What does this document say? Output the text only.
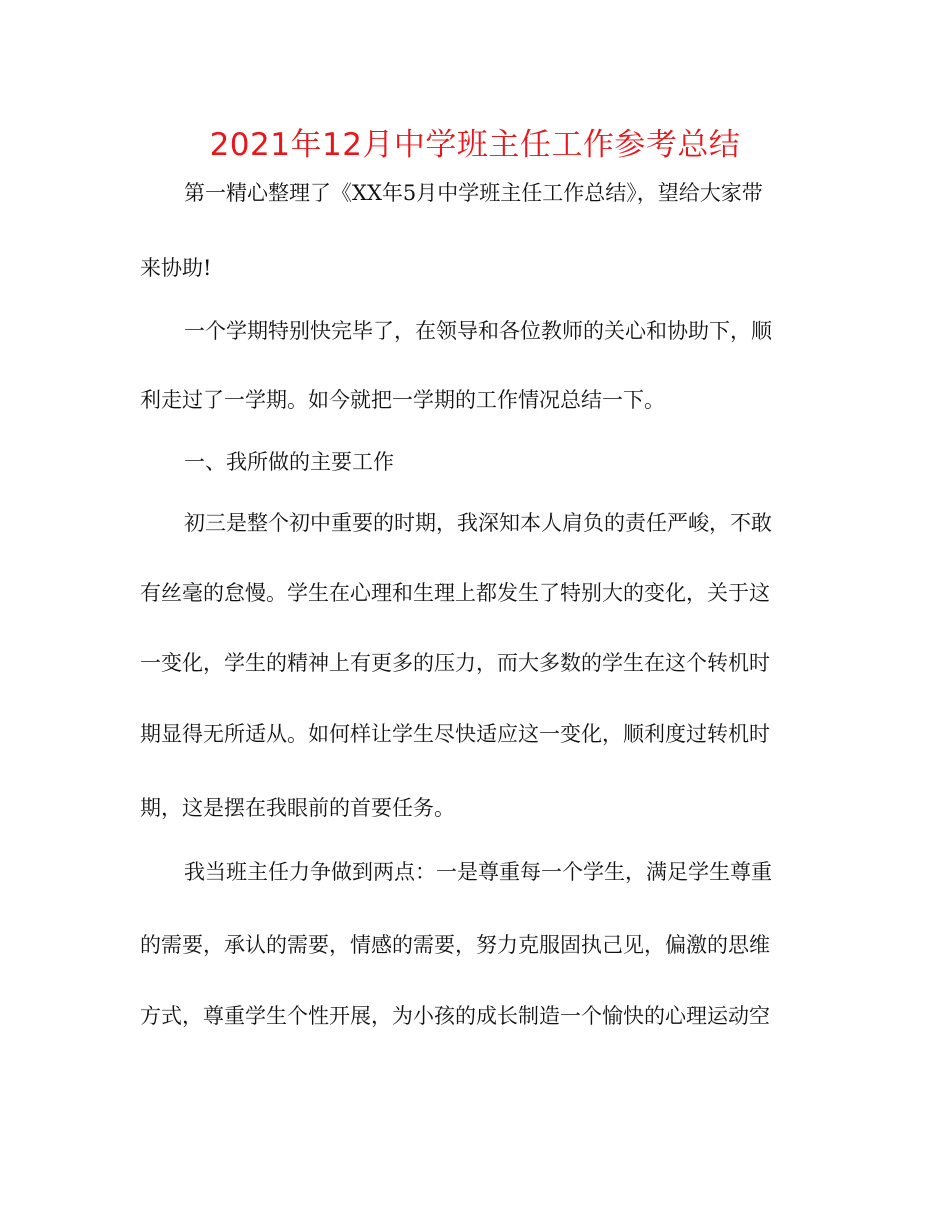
2021年12月中学班主任工作参考总结

第一精心整理了《XX年5月中学班主任工作总结》，望给大家带

来协助!

一个学期特别快完毕了，在领导和各位教师的关心和协助下，顺

利走过了一学期。如今就把一学期的工作情况总结一下。

一、我所做的主要工作

初三是整个初中重要的时期，我深知本人肩负的责任严峻，不敢

有丝毫的怠慢。学生在心理和生理上都发生了特别大的变化，关于这

一变化，学生的精神上有更多的压力，而大多数的学生在这个转机时

期显得无所适从。如何样让学生尽快适应这一变化，顺利度过转机时

期，这是摆在我眼前的首要任务。

我当班主任力争做到两点：一是尊重每一个学生，满足学生尊重

的需要，承认的需要，情感的需要，努力克服固执己见，偏激的思维

方式，尊重学生个性开展，为小孩的成长制造一个愉快的心理运动空
